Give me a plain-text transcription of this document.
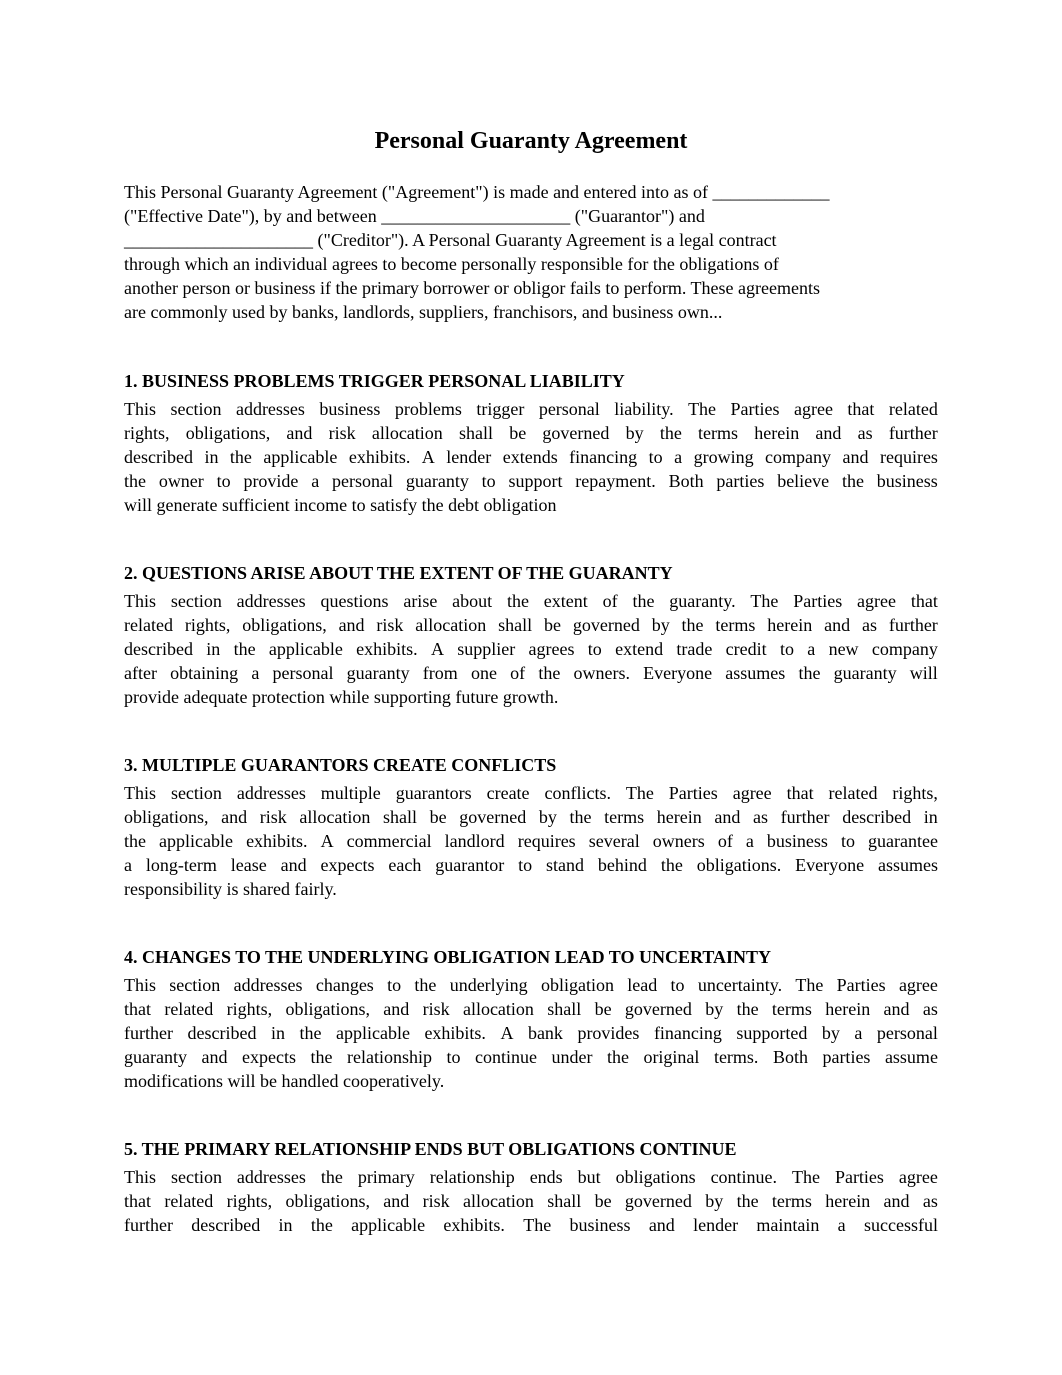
Personal Guaranty Agreement
This Personal Guaranty Agreement ("Agreement") is made and entered into as of _____________
("Effective Date"), by and between _____________________ ("Guarantor") and
_____________________ ("Creditor"). A Personal Guaranty Agreement is a legal contract
through which an individual agrees to become personally responsible for the obligations of
another person or business if the primary borrower or obligor fails to perform. These agreements
are commonly used by banks, landlords, suppliers, franchisors, and business own...
1. BUSINESS PROBLEMS TRIGGER PERSONAL LIABILITY
This section addresses business problems trigger personal liability. The Parties agree that related
rights, obligations, and risk allocation shall be governed by the terms herein and as further
described in the applicable exhibits. A lender extends financing to a growing company and requires
the owner to provide a personal guaranty to support repayment. Both parties believe the business
will generate sufficient income to satisfy the debt obligation
2. QUESTIONS ARISE ABOUT THE EXTENT OF THE GUARANTY
This section addresses questions arise about the extent of the guaranty. The Parties agree that
related rights, obligations, and risk allocation shall be governed by the terms herein and as further
described in the applicable exhibits. A supplier agrees to extend trade credit to a new company
after obtaining a personal guaranty from one of the owners. Everyone assumes the guaranty will
provide adequate protection while supporting future growth.
3. MULTIPLE GUARANTORS CREATE CONFLICTS
This section addresses multiple guarantors create conflicts. The Parties agree that related rights,
obligations, and risk allocation shall be governed by the terms herein and as further described in
the applicable exhibits. A commercial landlord requires several owners of a business to guarantee
a long-term lease and expects each guarantor to stand behind the obligations. Everyone assumes
responsibility is shared fairly.
4. CHANGES TO THE UNDERLYING OBLIGATION LEAD TO UNCERTAINTY
This section addresses changes to the underlying obligation lead to uncertainty. The Parties agree
that related rights, obligations, and risk allocation shall be governed by the terms herein and as
further described in the applicable exhibits. A bank provides financing supported by a personal
guaranty and expects the relationship to continue under the original terms. Both parties assume
modifications will be handled cooperatively.
5. THE PRIMARY RELATIONSHIP ENDS BUT OBLIGATIONS CONTINUE
This section addresses the primary relationship ends but obligations continue. The Parties agree
that related rights, obligations, and risk allocation shall be governed by the terms herein and as
further described in the applicable exhibits. The business and lender maintain a successful
